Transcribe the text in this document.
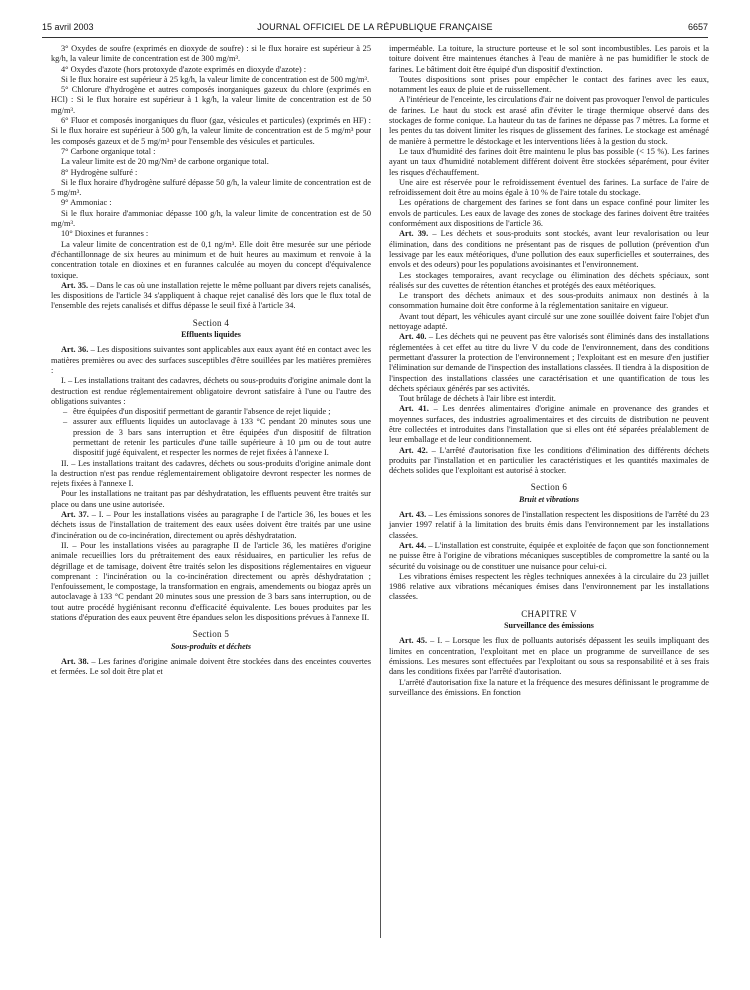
15 avril 2003	JOURNAL OFFICIEL DE LA RÉPUBLIQUE FRANÇAISE	6657

3° Oxydes de soufre (exprimés en dioxyde de soufre) : si le flux horaire est supérieur à 25 kg/h, la valeur limite de concentration est de 300 mg/m³.

4° Oxydes d'azote (hors protoxyde d'azote exprimés en dioxyde d'azote) :

Si le flux horaire est supérieur à 25 kg/h, la valeur limite de concentration est de 500 mg/m³.

5° Chlorure d'hydrogène et autres composés inorganiques gazeux du chlore (exprimés en HCl) : Si le flux horaire est supérieur à 1 kg/h, la valeur limite de concentration est de 50 mg/m³.

6° Fluor et composés inorganiques du fluor (gaz, vésicules et particules) (exprimés en HF) : Si le flux horaire est supérieur à 500 g/h, la valeur limite de concentration est de 5 mg/m³ pour les composés gazeux et de 5 mg/m³ pour l'ensemble des vésicules et particules.

7° Carbone organique total :

La valeur limite est de 20 mg/Nm³ de carbone organique total.

8° Hydrogène sulfuré :

Si le flux horaire d'hydrogène sulfuré dépasse 50 g/h, la valeur limite de concentration est de 5 mg/m³.

9° Ammoniac :

Si le flux horaire d'ammoniac dépasse 100 g/h, la valeur limite de concentration est de 50 mg/m³.

10° Dioxines et furannes :

La valeur limite de concentration est de 0,1 ng/m³. Elle doit être mesurée sur une période d'échantillonnage de six heures au minimum et de huit heures au maximum et renvoie à la concentration totale en dioxines et en furannes calculée au moyen du concept d'équivalence toxique.

Art. 35. – Dans le cas où une installation rejette le même polluant par divers rejets canalisés, les dispositions de l'article 34 s'appliquent à chaque rejet canalisé dès lors que le flux total de l'ensemble des rejets canalisés et diffus dépasse le seuil fixé à l'article 34.

Section 4

Effluents liquides

Art. 36. – Les dispositions suivantes sont applicables aux eaux ayant été en contact avec les matières premières ou avec des surfaces susceptibles d'être souillées par les matières premières :

I. – Les installations traitant des cadavres, déchets ou sous-produits d'origine animale dont la destruction est rendue réglementairement obligatoire devront satisfaire à l'une ou l'autre des obligations suivantes :

– être équipées d'un dispositif permettant de garantir l'absence de rejet liquide ;
– assurer aux effluents liquides un autoclavage à 133 °C pendant 20 minutes sous une pression de 3 bars sans interruption et être équipées d'un dispositif de filtration permettant de retenir les particules d'une taille supérieure à 10 µm ou de tout autre dispositif jugé équivalent, et respecter les normes de rejet fixées à l'annexe I.

II. – Les installations traitant des cadavres, déchets ou sous-produits d'origine animale dont la destruction n'est pas rendue réglementairement obligatoire devront respecter les normes de rejets fixées à l'annexe I.

Pour les installations ne traitant pas par déshydratation, les effluents peuvent être traités sur place ou dans une usine autorisée.

Art. 37. – I. – Pour les installations visées au paragraphe I de l'article 36, les boues et les déchets issus de l'installation de traitement des eaux usées doivent être traités par une usine d'incinération ou de co-incinération, directement ou après déshydratation.

II. – Pour les installations visées au paragraphe II de l'article 36, les matières d'origine animale recueillies lors du prétraitement des eaux résiduaires, en particulier les refus de dégrillage et de tamisage, doivent être traités selon les dispositions réglementaires en vigueur comprenant : l'incinération ou la co-incinération directement ou après déshydratation ; l'enfouissement, le compostage, la transformation en engrais, amendements ou biogaz après un autoclavage à 133 °C pendant 20 minutes sous une pression de 3 bars sans interruption, ou de tout autre procédé hygiénisant reconnu d'efficacité équivalente. Les boues produites par les stations d'épuration des eaux peuvent être épandues selon les dispositions prévues à l'annexe II.

Section 5

Sous-produits et déchets

Art. 38. – Les farines d'origine animale doivent être stockées dans des enceintes couvertes et fermées. Le sol doit être plat et

imperméable. La toiture, la structure porteuse et le sol sont incombustibles. Les parois et la toiture doivent être maintenues étanches à l'eau de manière à ne pas humidifier le stock de farines. Le bâtiment doit être équipé d'un dispositif d'extinction.

Toutes dispositions sont prises pour empêcher le contact des farines avec les eaux, notamment les eaux de pluie et de ruissellement.

A l'intérieur de l'enceinte, les circulations d'air ne doivent pas provoquer l'envol de particules de farines. Le haut du stock est arasé afin d'éviter le tirage thermique observé dans des stockages de forme conique. La hauteur du tas de farines ne dépasse pas 7 mètres. La forme et les pentes du tas doivent limiter les risques de glissement des farines. Le stockage est aménagé de manière à permettre le déstockage et les interventions liées à la gestion du stock.

Le taux d'humidité des farines doit être maintenu le plus bas possible (< 15 %). Les farines ayant un taux d'humidité notablement différent doivent être stockées séparément, pour éviter les risques d'échauffement.

Une aire est réservée pour le refroidissement éventuel des farines. La surface de l'aire de refroidissement doit être au moins égale à 10 % de l'aire totale du stockage.

Les opérations de chargement des farines se font dans un espace confiné pour limiter les envols de particules. Les eaux de lavage des zones de stockage des farines doivent être traitées conformément aux dispositions de l'article 36.

Art. 39. – Les déchets et sous-produits sont stockés, avant leur revalorisation ou leur élimination, dans des conditions ne présentant pas de risques de pollution (prévention d'un lessivage par les eaux météoriques, d'une pollution des eaux superficielles et souterraines, des envols et des odeurs) pour les populations avoisinantes et l'environnement.

Les stockages temporaires, avant recyclage ou élimination des déchets spéciaux, sont réalisés sur des cuvettes de rétention étanches et protégés des eaux météoriques.

Le transport des déchets animaux et des sous-produits animaux non destinés à la consommation humaine doit être conforme à la réglementation sanitaire en vigueur.

Avant tout départ, les véhicules ayant circulé sur une zone souillée doivent faire l'objet d'un nettoyage adapté.

Art. 40. – Les déchets qui ne peuvent pas être valorisés sont éliminés dans des installations réglementées à cet effet au titre du livre V du code de l'environnement, dans des conditions permettant d'assurer la protection de l'environnement ; l'exploitant est en mesure d'en justifier l'élimination sur demande de l'inspection des installations classées. Il tiendra à la disposition de l'inspection des installations classées une caractérisation et une quantification de tous les déchets spéciaux générés par ses activités.

Tout brûlage de déchets à l'air libre est interdit.

Art. 41. – Les denrées alimentaires d'origine animale en provenance des grandes et moyennes surfaces, des industries agroalimentaires et des circuits de distribution ne peuvent être collectées et introduites dans l'installation que si elles ont été séparées préalablement de leur emballage et de leur conditionnement.

Art. 42. – L'arrêté d'autorisation fixe les conditions d'élimination des différents déchets produits par l'installation et en particulier les caractéristiques et les quantités maximales de déchets solides que l'exploitant est autorisé à stocker.

Section 6

Bruit et vibrations

Art. 43. – Les émissions sonores de l'installation respectent les dispositions de l'arrêté du 23 janvier 1997 relatif à la limitation des bruits émis dans l'environnement par les installations classées.

Art. 44. – L'installation est construite, équipée et exploitée de façon que son fonctionnement ne puisse être à l'origine de vibrations mécaniques susceptibles de compromettre la santé ou la sécurité du voisinage ou de constituer une nuisance pour celui-ci.

Les vibrations émises respectent les règles techniques annexées à la circulaire du 23 juillet 1986 relative aux vibrations mécaniques émises dans l'environnement par les installations classées.

CHAPITRE V

Surveillance des émissions

Art. 45. – I. – Lorsque les flux de polluants autorisés dépassent les seuils impliquant des limites en concentration, l'exploitant met en place un programme de surveillance de ses émissions. Les mesures sont effectuées par l'exploitant ou sous sa responsabilité et à ses frais dans les conditions fixées par l'arrêté d'autorisation.

L'arrêté d'autorisation fixe la nature et la fréquence des mesures définissant le programme de surveillance des émissions. En fonction
